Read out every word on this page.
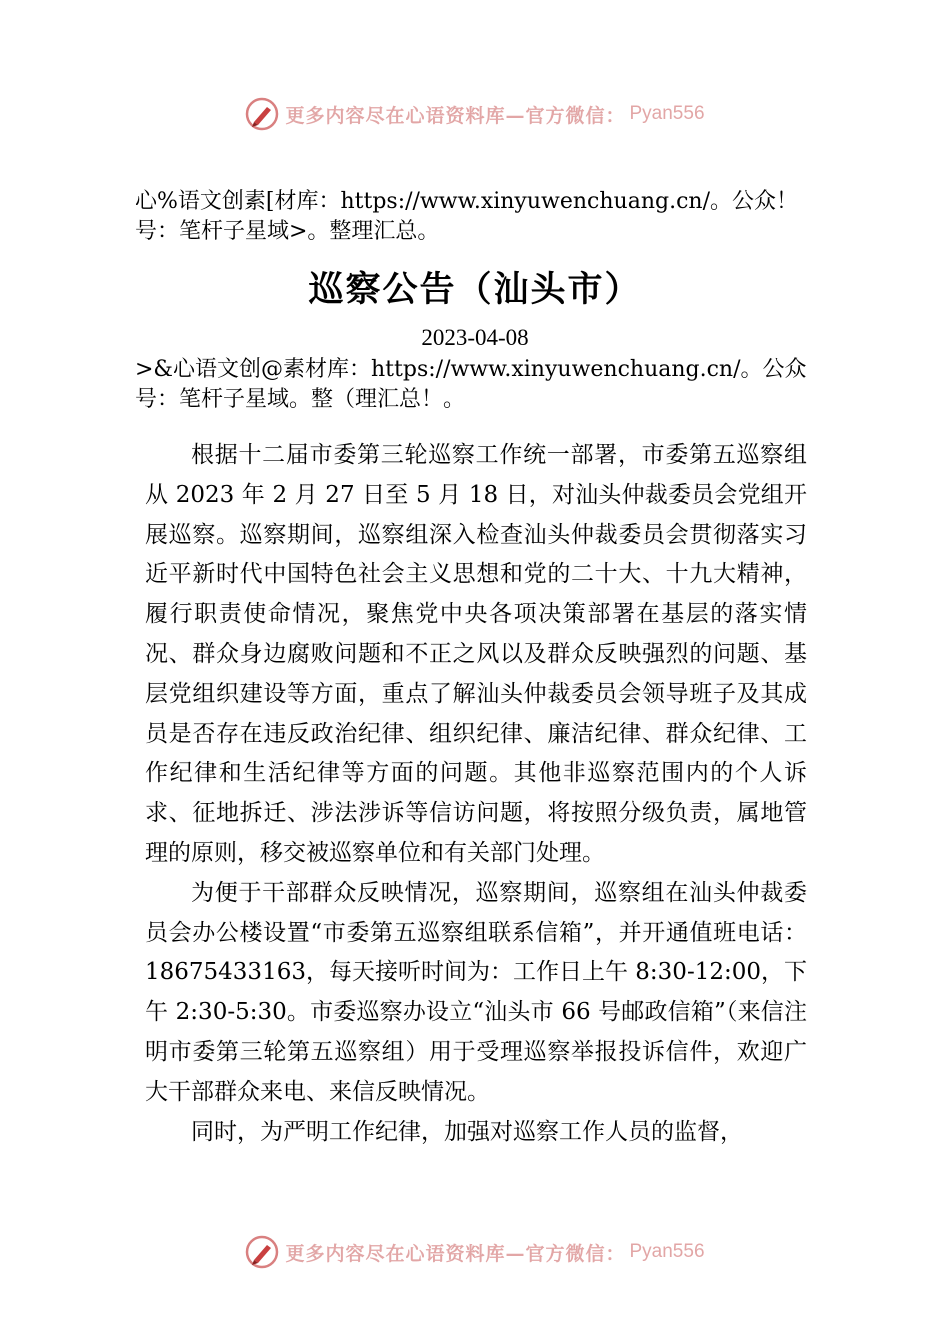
更多内容尽在心语资料库—官方微信： Pyan556
心%语文创素[材库：https://www.xinyuwenchuang.cn/。公众！号：笔杆子星域>。整理汇总。
巡察公告（汕头市）
2023-04-08
>&心语文创@素材库：https://www.xinyuwenchuang.cn/。公众号：笔杆子星域。整（理汇总！。

根据十二届市委第三轮巡察工作统一部署，市委第五巡察组从 2023 年 2 月 27 日至 5 月 18 日，对汕头仲裁委员会党组开展巡察。巡察期间，巡察组深入检查汕头仲裁委员会贯彻落实习近平新时代中国特色社会主义思想和党的二十大、十九大精神，履行职责使命情况，聚焦党中央各项决策部署在基层的落实情况、群众身边腐败问题和不正之风以及群众反映强烈的问题、基层党组织建设等方面，重点了解汕头仲裁委员会领导班子及其成员是否存在违反政治纪律、组织纪律、廉洁纪律、群众纪律、工作纪律和生活纪律等方面的问题。其他非巡察范围内的个人诉求、征地拆迁、涉法涉诉等信访问题，将按照分级负责，属地管理的原则，移交被巡察单位和有关部门处理。

为便于干部群众反映情况，巡察期间，巡察组在汕头仲裁委员会办公楼设置“市委第五巡察组联系信箱”，并开通值班电话：18675433163，每天接听时间为：工作日上午 8:30-12:00，下午 2:30-5:30。市委巡察办设立“汕头市 66 号邮政信箱”（来信注明市委第三轮第五巡察组）用于受理巡察举报投诉信件，欢迎广大干部群众来电、来信反映情况。

同时，为严明工作纪律，加强对巡察工作人员的监督，

更多内容尽在心语资料库—官方微信： Pyan556
